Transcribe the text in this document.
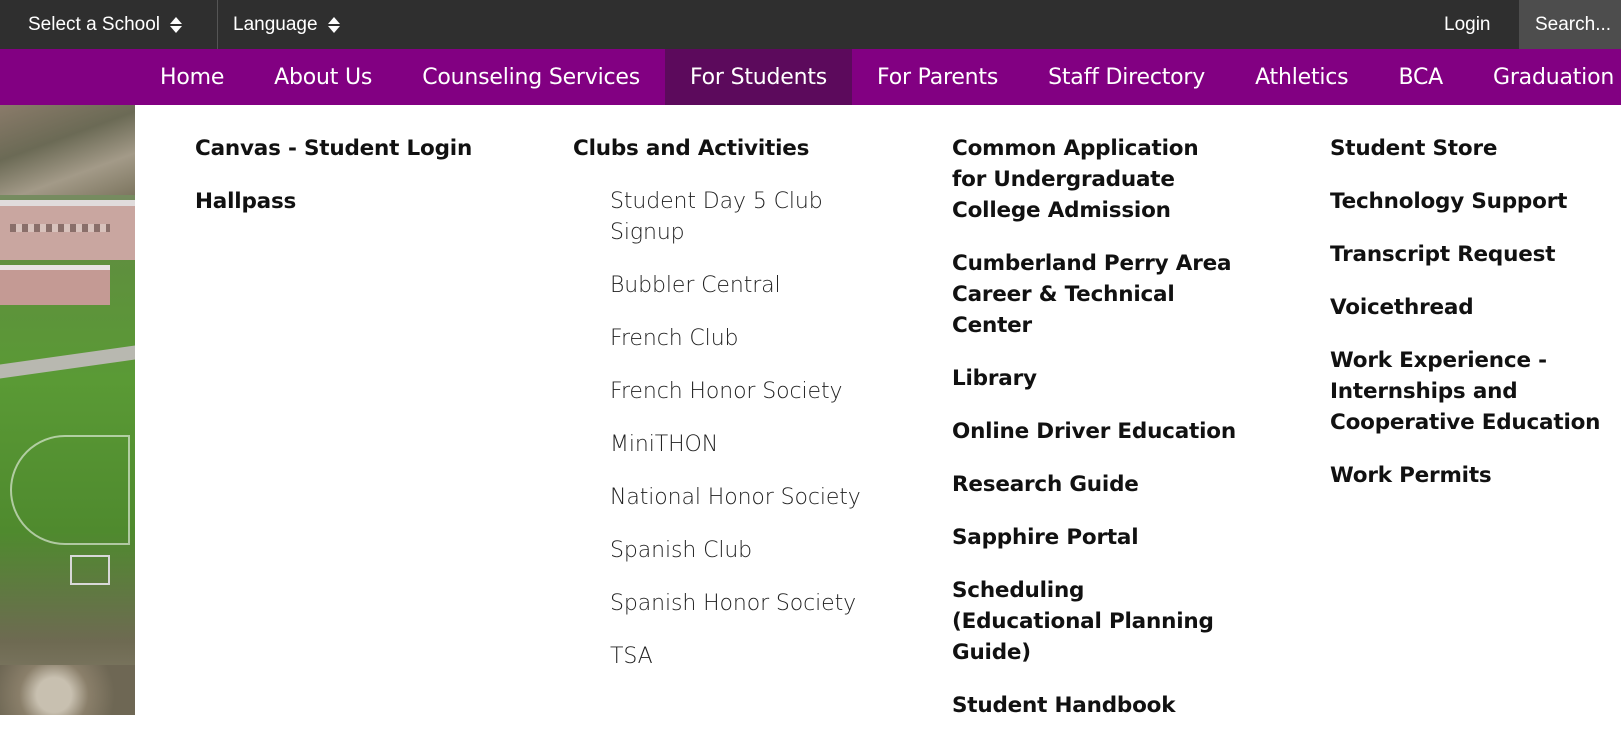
Select a School	Language	Login
Search...
Home	About Us	Counseling Services	For Students	For Parents	Staff Directory	Athletics	BCA	Graduation
Canvas - Student Login
Hallpass
Clubs and Activities
Student Day 5 Club Signup
Bubbler Central
French Club
French Honor Society
MiniTHON
National Honor Society
Spanish Club
Spanish Honor Society
TSA
Common Application for Undergraduate College Admission
Cumberland Perry Area Career & Technical Center
Library
Online Driver Education
Research Guide
Sapphire Portal
Scheduling (Educational Planning Guide)
Student Handbook
Student Store
Technology Support
Transcript Request
Voicethread
Work Experience - Internships and Cooperative Education
Work Permits
